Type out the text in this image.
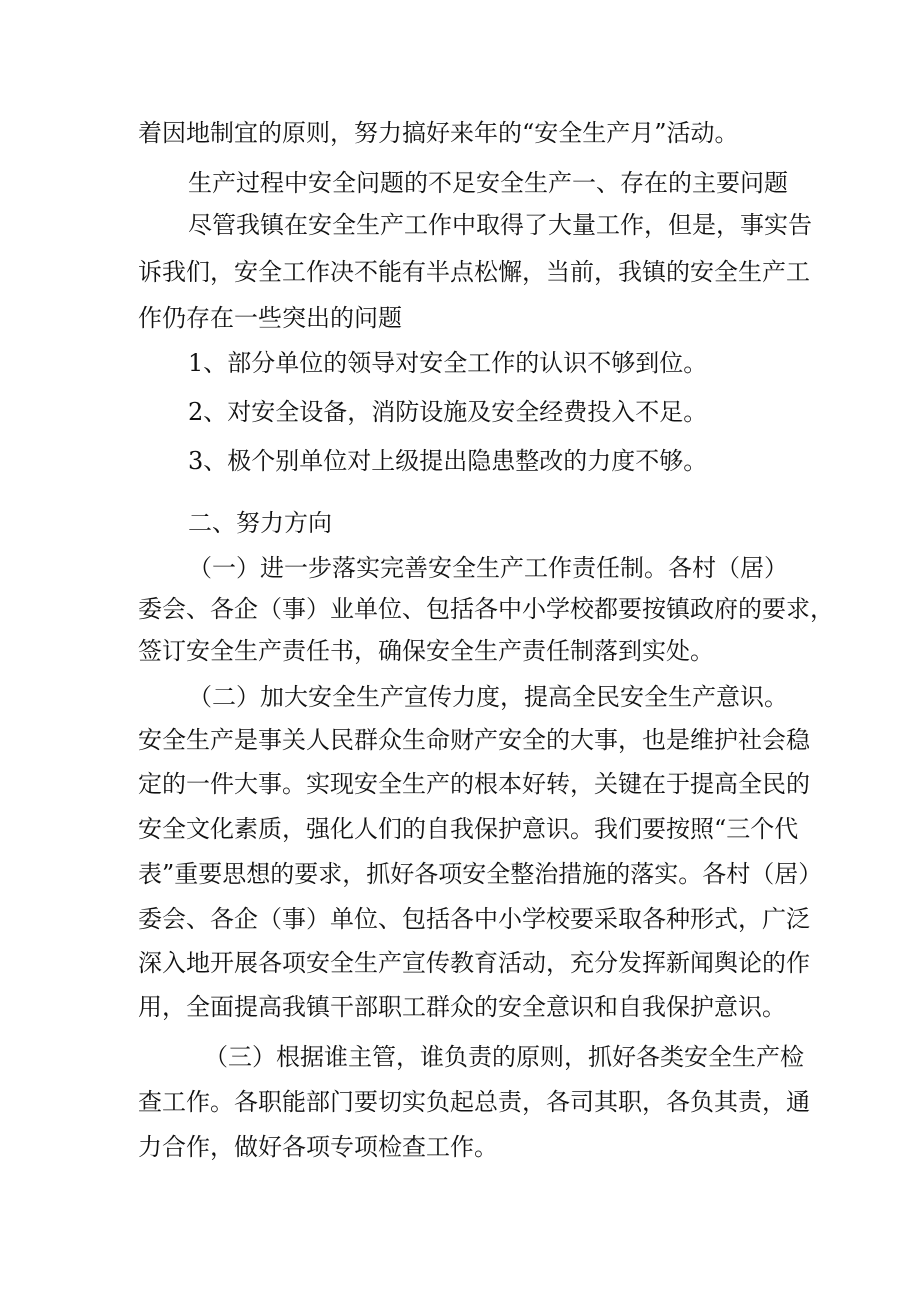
着因地制宜的原则，努力搞好来年的“安全生产月”活动。
生产过程中安全问题的不足安全生产一、存在的主要问题
尽管我镇在安全生产工作中取得了大量工作，但是，事实告
诉我们，安全工作决不能有半点松懈，当前，我镇的安全生产工
作仍存在一些突出的问题
1、部分单位的领导对安全工作的认识不够到位。
2、对安全设备，消防设施及安全经费投入不足。
3、极个别单位对上级提出隐患整改的力度不够。
二、努力方向
（一）进一步落实完善安全生产工作责任制。各村（居）
委会、各企（事）业单位、包括各中小学校都要按镇政府的要求，
签订安全生产责任书，确保安全生产责任制落到实处。
（二）加大安全生产宣传力度，提高全民安全生产意识。
安全生产是事关人民群众生命财产安全的大事，也是维护社会稳
定的一件大事。实现安全生产的根本好转，关键在于提高全民的
安全文化素质，强化人们的自我保护意识。我们要按照“三个代
表”重要思想的要求，抓好各项安全整治措施的落实。各村（居）
委会、各企（事）单位、包括各中小学校要采取各种形式，广泛
深入地开展各项安全生产宣传教育活动，充分发挥新闻舆论的作
用，全面提高我镇干部职工群众的安全意识和自我保护意识。
（三）根据谁主管，谁负责的原则，抓好各类安全生产检
查工作。各职能部门要切实负起总责，各司其职，各负其责，通
力合作，做好各项专项检查工作。
